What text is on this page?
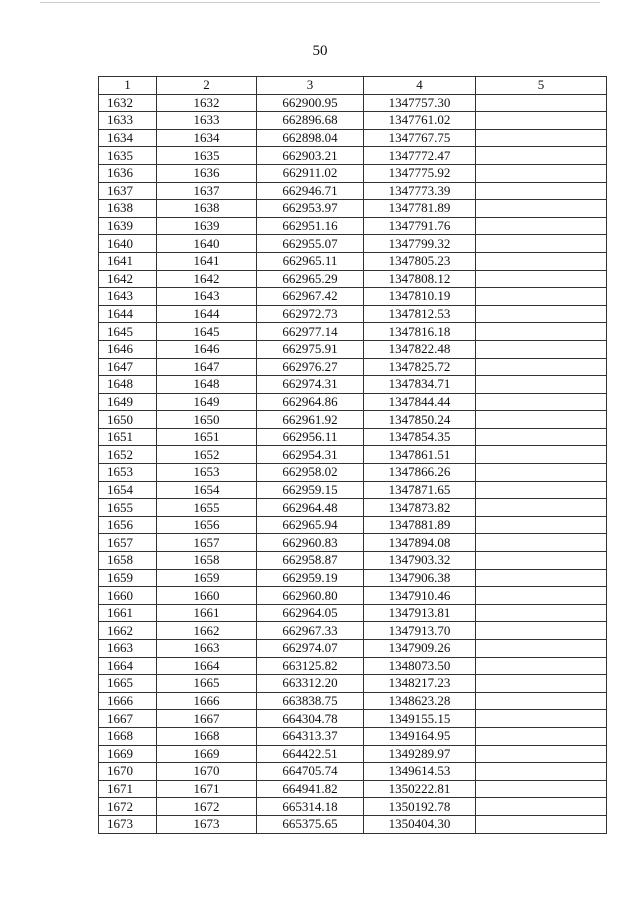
50
1	2	3	4	5
1632	1632	662900.95	1347757.30	
1633	1633	662896.68	1347761.02	
1634	1634	662898.04	1347767.75	
1635	1635	662903.21	1347772.47	
1636	1636	662911.02	1347775.92	
1637	1637	662946.71	1347773.39	
1638	1638	662953.97	1347781.89	
1639	1639	662951.16	1347791.76	
1640	1640	662955.07	1347799.32	
1641	1641	662965.11	1347805.23	
1642	1642	662965.29	1347808.12	
1643	1643	662967.42	1347810.19	
1644	1644	662972.73	1347812.53	
1645	1645	662977.14	1347816.18	
1646	1646	662975.91	1347822.48	
1647	1647	662976.27	1347825.72	
1648	1648	662974.31	1347834.71	
1649	1649	662964.86	1347844.44	
1650	1650	662961.92	1347850.24	
1651	1651	662956.11	1347854.35	
1652	1652	662954.31	1347861.51	
1653	1653	662958.02	1347866.26	
1654	1654	662959.15	1347871.65	
1655	1655	662964.48	1347873.82	
1656	1656	662965.94	1347881.89	
1657	1657	662960.83	1347894.08	
1658	1658	662958.87	1347903.32	
1659	1659	662959.19	1347906.38	
1660	1660	662960.80	1347910.46	
1661	1661	662964.05	1347913.81	
1662	1662	662967.33	1347913.70	
1663	1663	662974.07	1347909.26	
1664	1664	663125.82	1348073.50	
1665	1665	663312.20	1348217.23	
1666	1666	663838.75	1348623.28	
1667	1667	664304.78	1349155.15	
1668	1668	664313.37	1349164.95	
1669	1669	664422.51	1349289.97	
1670	1670	664705.74	1349614.53	
1671	1671	664941.82	1350222.81	
1672	1672	665314.18	1350192.78	
1673	1673	665375.65	1350404.30	
